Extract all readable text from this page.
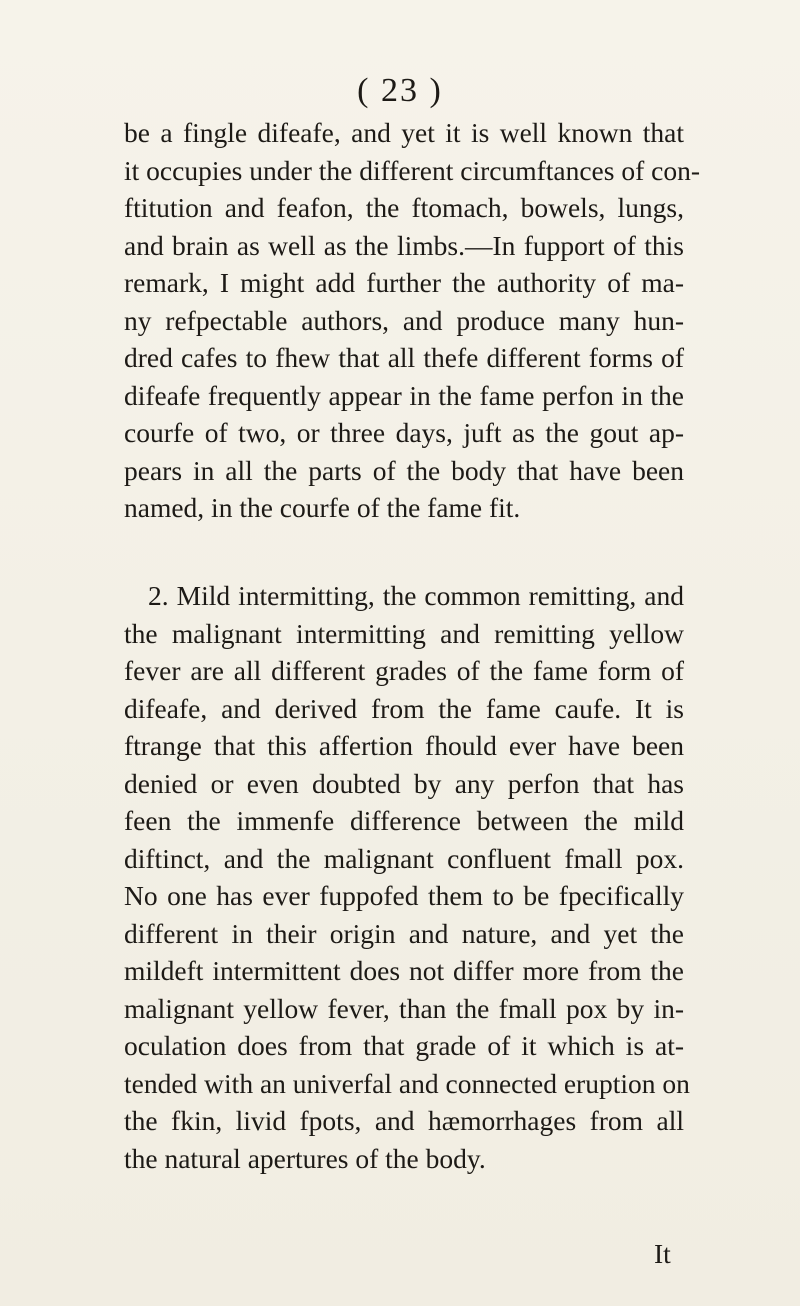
( 23 )
be a fingle difeafe, and yet it is well known that
it occupies under the different circumftances of con-
ftitution and feafon, the ftomach, bowels, lungs,
and brain as well as the limbs.—In fupport of this
remark, I might add further the authority of ma-
ny refpectable authors, and produce many hun-
dred cafes to fhew that all thefe different forms of
difeafe frequently appear in the fame perfon in the
courfe of two, or three days, juft as the gout ap-
pears in all the parts of the body that have been
named, in the courfe of the fame fit.
2. Mild intermitting, the common remitting, and
the malignant intermitting and remitting yellow
fever are all different grades of the fame form of
difeafe, and derived from the fame caufe. It is
ftrange that this affertion fhould ever have been
denied or even doubted by any perfon that has
feen the immenfe difference between the mild
diftinct, and the malignant confluent fmall pox.
No one has ever fuppofed them to be fpecifically
different in their origin and nature, and yet the
mildeft intermittent does not differ more from the
malignant yellow fever, than the fmall pox by in-
oculation does from that grade of it which is at-
tended with an univerfal and connected eruption on
the fkin, livid fpots, and hæmorrhages from all
the natural apertures of the body.
It
